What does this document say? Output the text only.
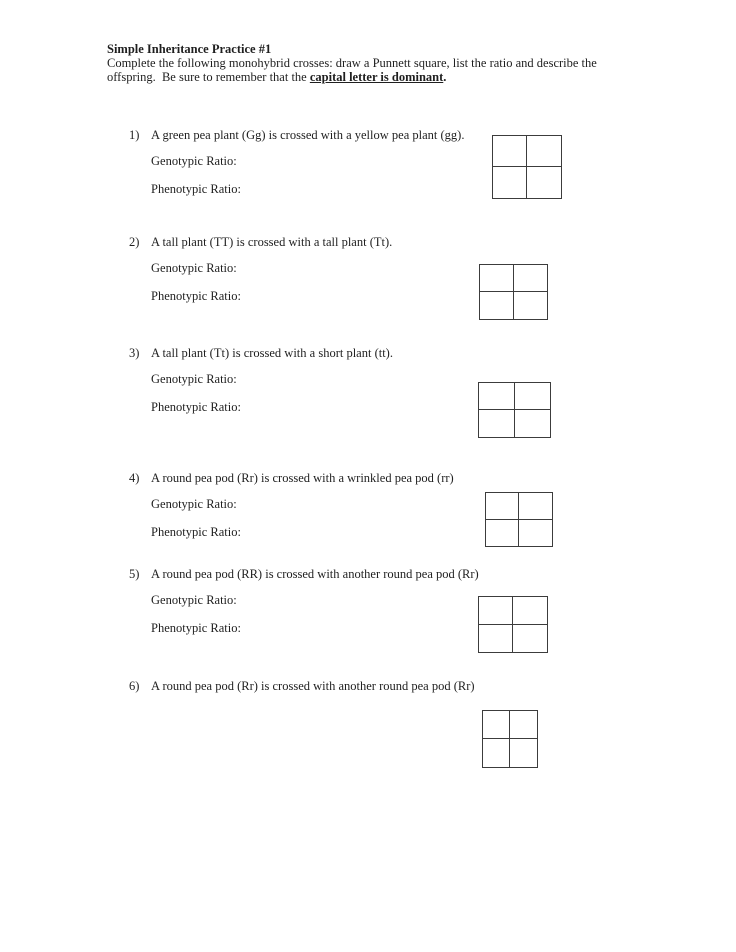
Simple Inheritance Practice #1
Complete the following monohybrid crosses: draw a Punnett square, list the ratio and describe the
offspring.  Be sure to remember that the capital letter is dominant.
1) A green pea plant (Gg) is crossed with a yellow pea plant (gg).
Genotypic Ratio:
Phenotypic Ratio:
2) A tall plant (TT) is crossed with a tall plant (Tt).
Genotypic Ratio:
Phenotypic Ratio:
3) A tall plant (Tt) is crossed with a short plant (tt).
Genotypic Ratio:
Phenotypic Ratio:
4) A round pea pod (Rr) is crossed with a wrinkled pea pod (rr)
Genotypic Ratio:
Phenotypic Ratio:
5) A round pea pod (RR) is crossed with another round pea pod (Rr)
Genotypic Ratio:
Phenotypic Ratio:
6) A round pea pod (Rr) is crossed with another round pea pod (Rr)
